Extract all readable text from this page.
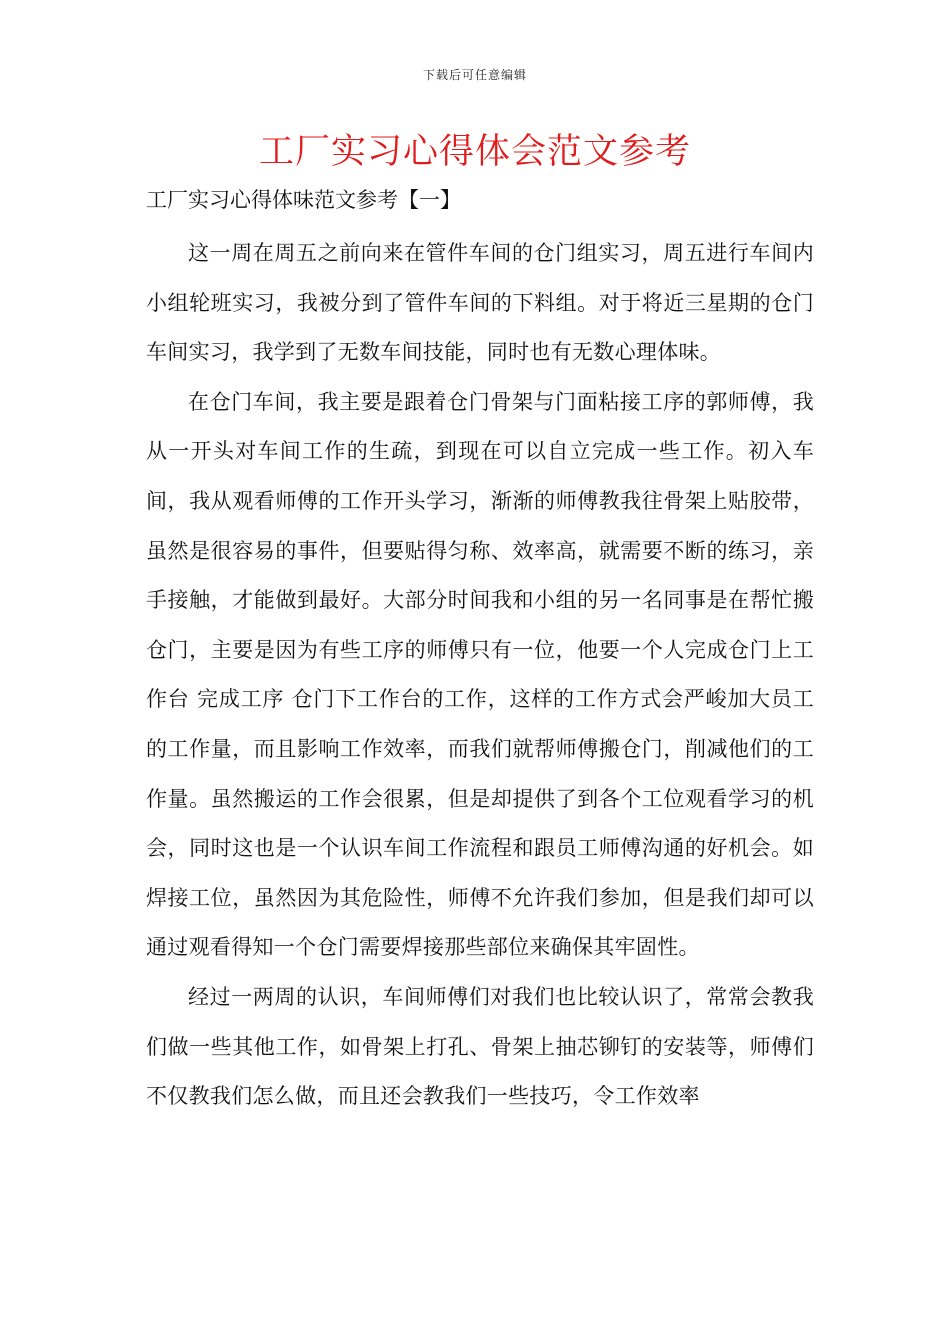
下载后可任意编辑
工厂实习心得体会范文参考
工厂实习心得体味范文参考【一】

这一周在周五之前向来在管件车间的仓门组实习，周五进行车间内小组轮班实习，我被分到了管件车间的下料组。对于将近三星期的仓门车间实习，我学到了无数车间技能，同时也有无数心理体味。

在仓门车间，我主要是跟着仓门骨架与门面粘接工序的郭师傅，我从一开头对车间工作的生疏，到现在可以自立完成一些工作。初入车间，我从观看师傅的工作开头学习，渐渐的师傅教我往骨架上贴胶带，虽然是很容易的事件，但要贴得匀称、效率高，就需要不断的练习，亲手接触，才能做到最好。大部分时间我和小组的另一名同事是在帮忙搬仓门，主要是因为有些工序的师傅只有一位，他要一个人完成仓门上工作台 完成工序 仓门下工作台的工作，这样的工作方式会严峻加大员工的工作量，而且影响工作效率，而我们就帮师傅搬仓门，削减他们的工作量。虽然搬运的工作会很累，但是却提供了到各个工位观看学习的机会，同时这也是一个认识车间工作流程和跟员工师傅沟通的好机会。如焊接工位，虽然因为其危险性，师傅不允许我们参加，但是我们却可以通过观看得知一个仓门需要焊接那些部位来确保其牢固性。

经过一两周的认识，车间师傅们对我们也比较认识了，常常会教我们做一些其他工作，如骨架上打孔、骨架上抽芯铆钉的安装等，师傅们不仅教我们怎么做，而且还会教我们一些技巧，令工作效率
